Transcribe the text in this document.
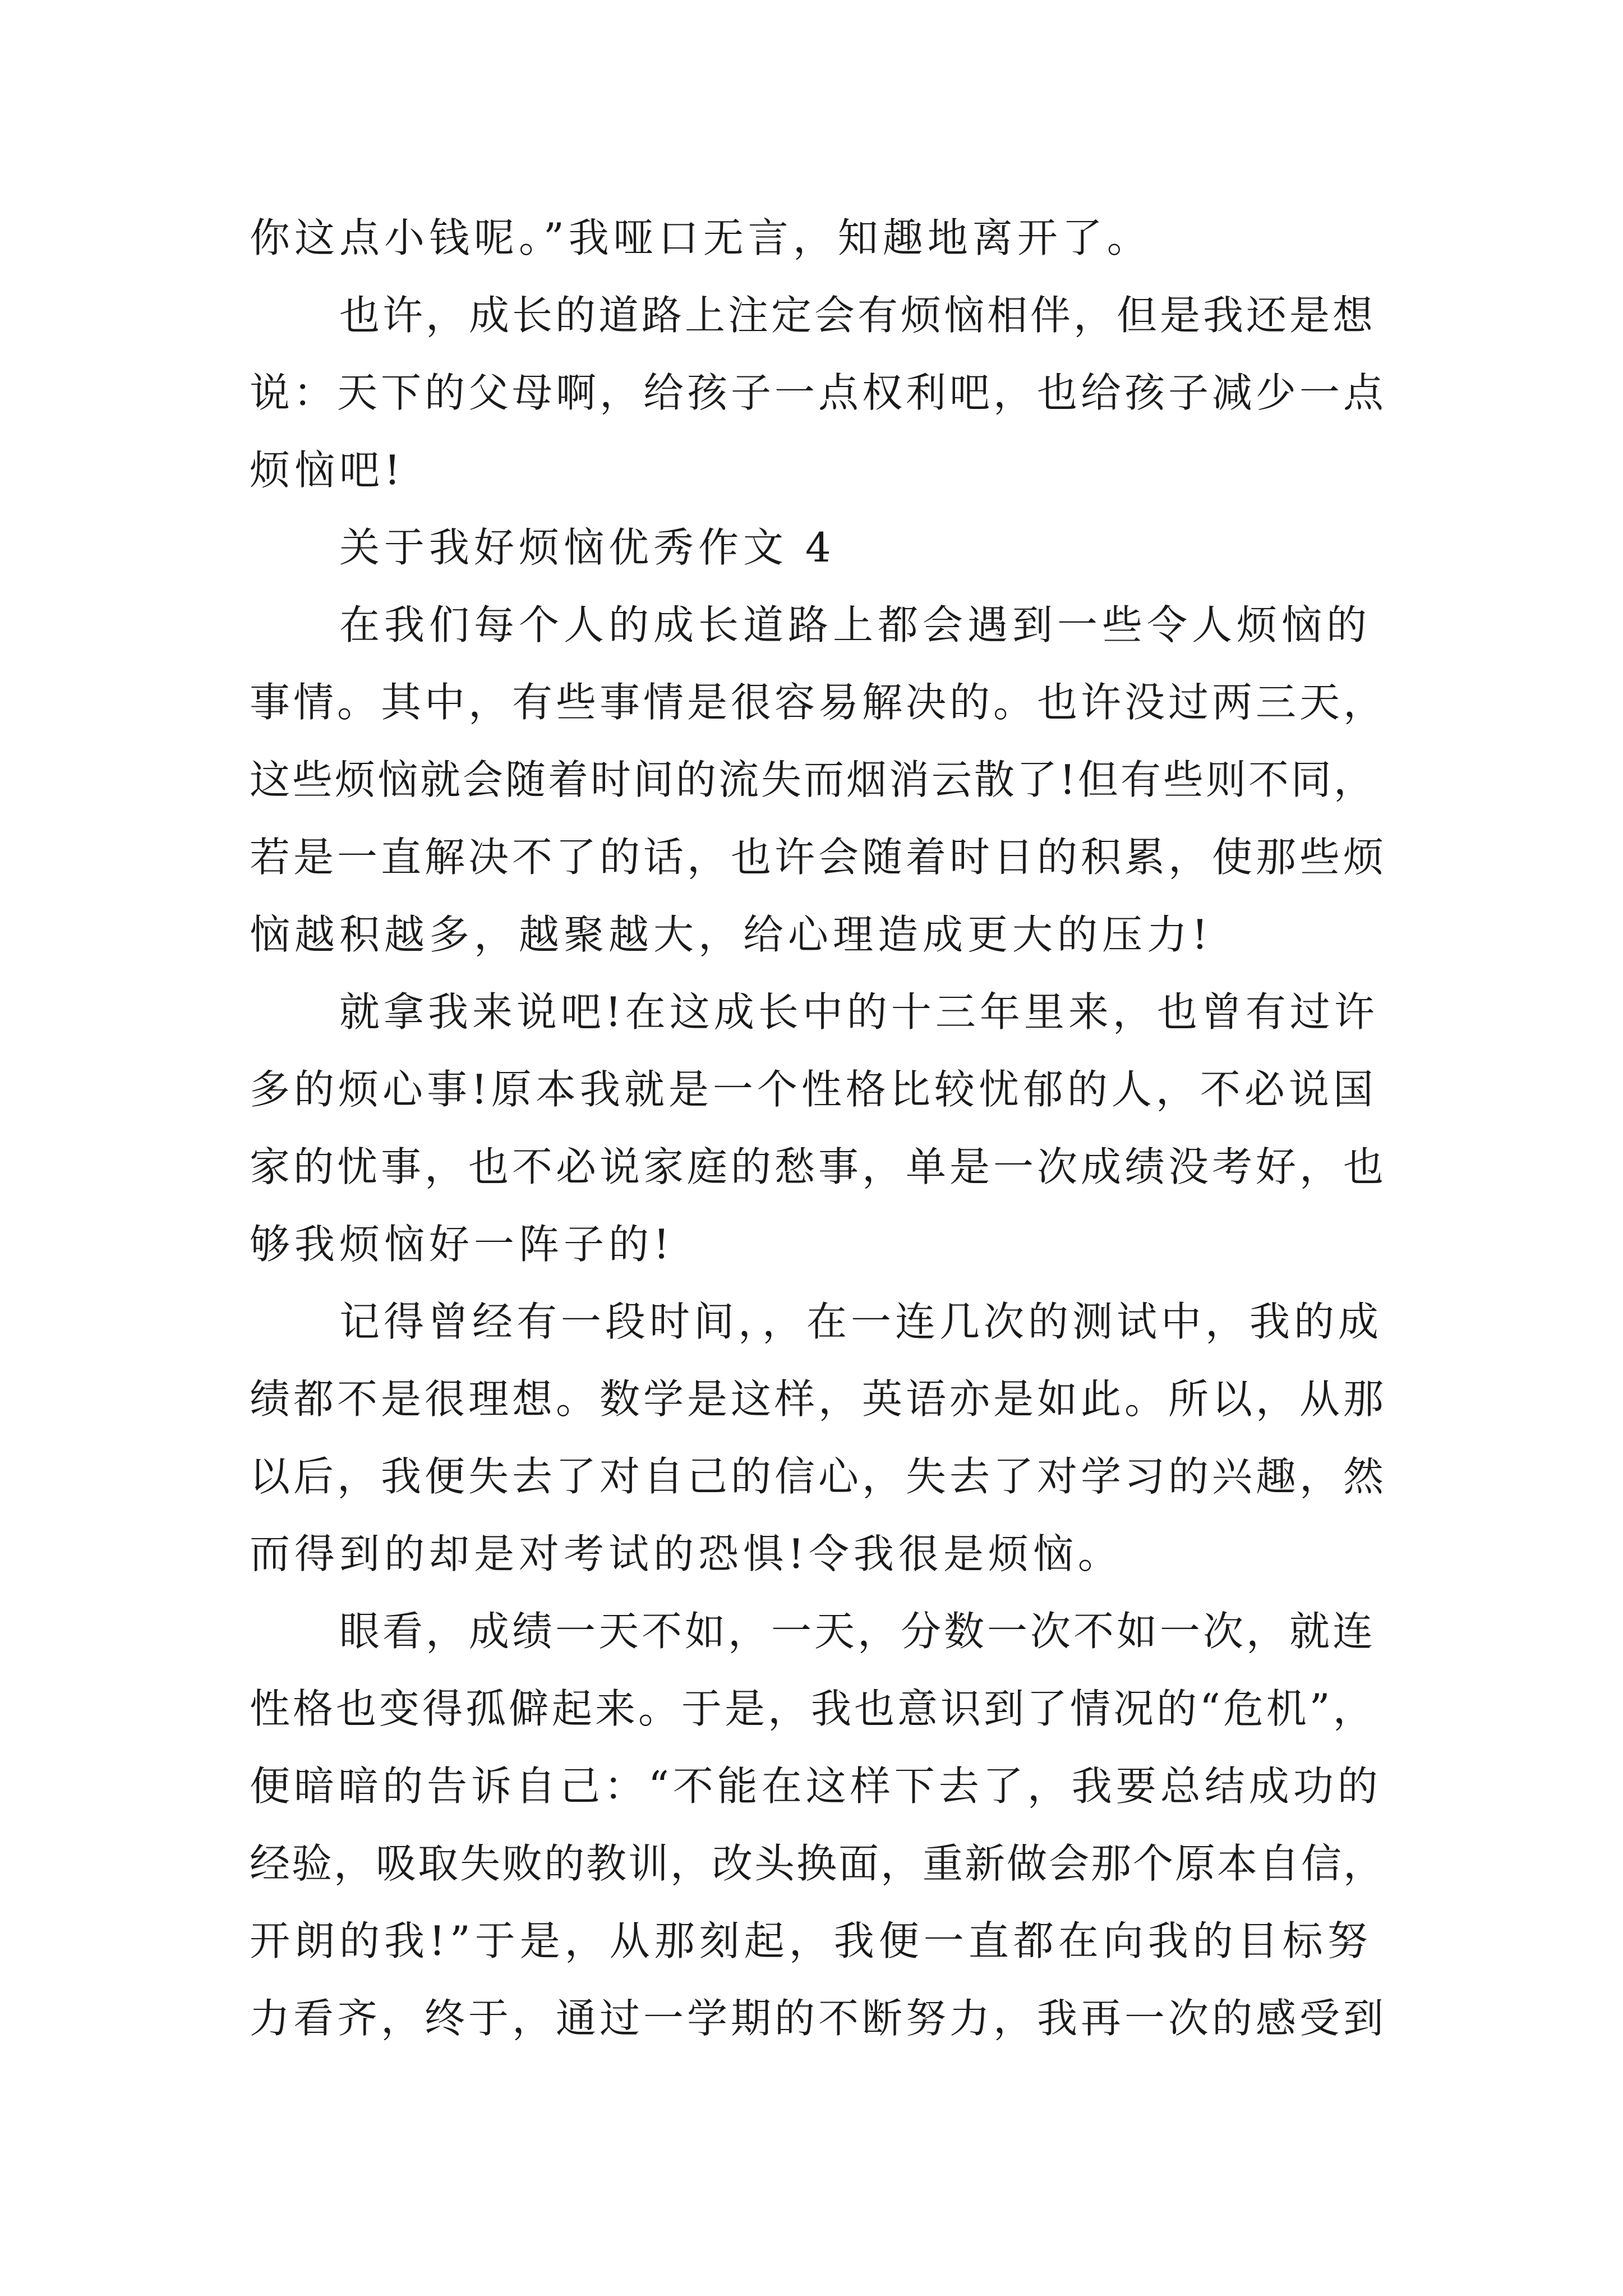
你这点小钱呢。”我哑口无言，知趣地离开了。
也许，成长的道路上注定会有烦恼相伴，但是我还是想
说：天下的父母啊，给孩子一点权利吧，也给孩子减少一点
烦恼吧!
关于我好烦恼优秀作文 4
在我们每个人的成长道路上都会遇到一些令人烦恼的
事情。其中，有些事情是很容易解决的。也许没过两三天，
这些烦恼就会随着时间的流失而烟消云散了!但有些则不同，
若是一直解决不了的话，也许会随着时日的积累，使那些烦
恼越积越多，越聚越大，给心理造成更大的压力!
就拿我来说吧!在这成长中的十三年里来，也曾有过许
多的烦心事!原本我就是一个性格比较忧郁的人，不必说国
家的忧事，也不必说家庭的愁事，单是一次成绩没考好，也
够我烦恼好一阵子的!
记得曾经有一段时间，，在一连几次的测试中，我的成
绩都不是很理想。数学是这样，英语亦是如此。所以，从那
以后，我便失去了对自己的信心，失去了对学习的兴趣，然
而得到的却是对考试的恐惧!令我很是烦恼。
眼看，成绩一天不如，一天，分数一次不如一次，就连
性格也变得孤僻起来。于是，我也意识到了情况的“危机”，
便暗暗的告诉自己：“不能在这样下去了，我要总结成功的
经验，吸取失败的教训，改头换面，重新做会那个原本自信，
开朗的我!”于是，从那刻起，我便一直都在向我的目标努
力看齐，终于，通过一学期的不断努力，我再一次的感受到
